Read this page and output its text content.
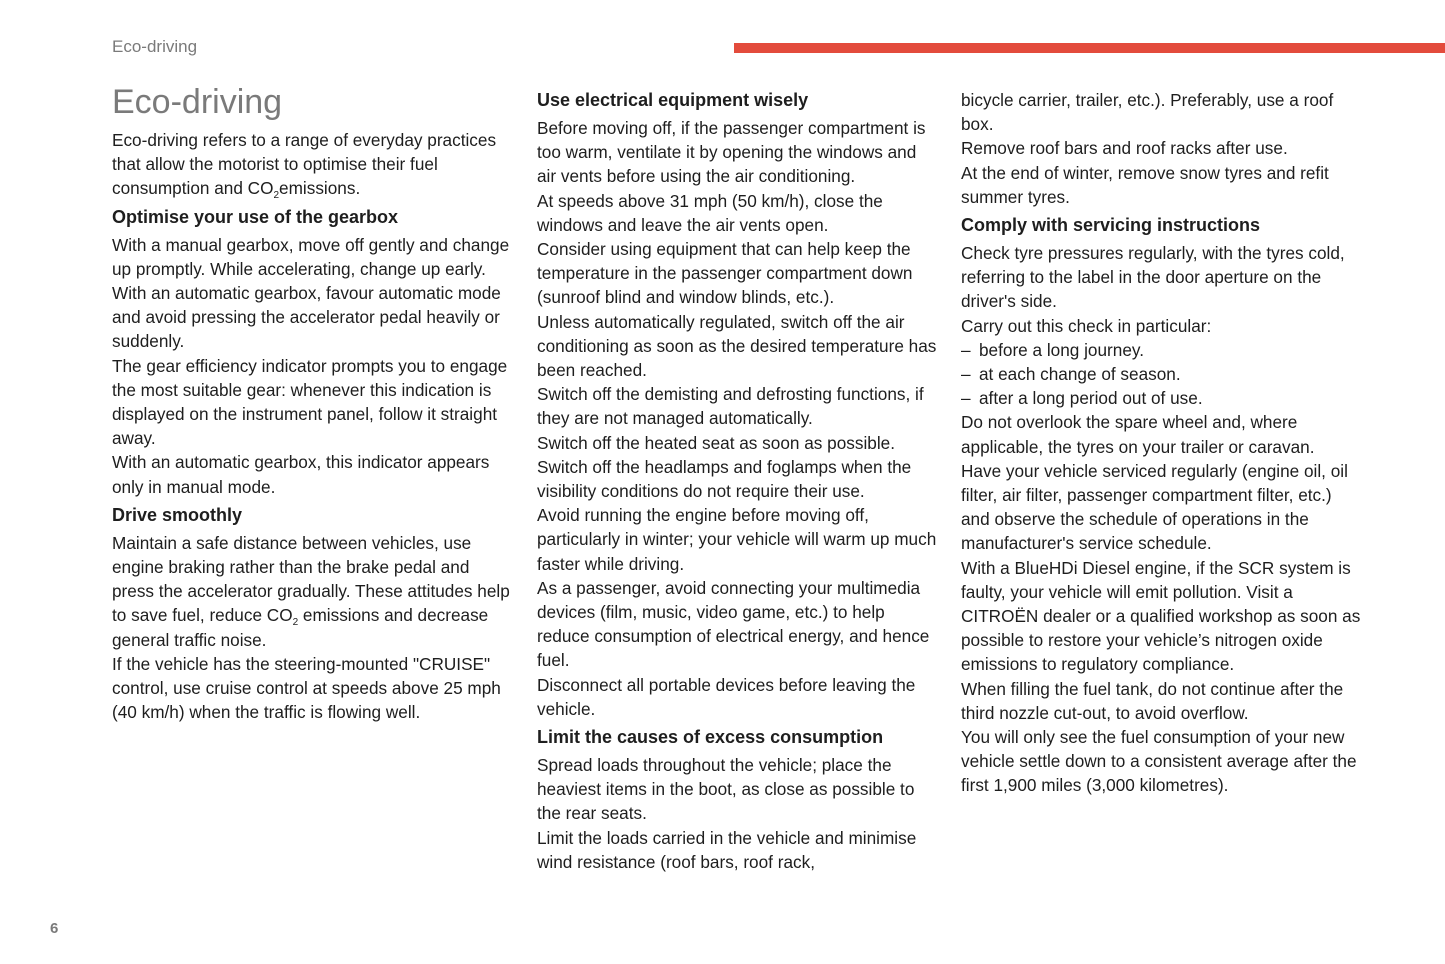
Eco-driving
Eco-driving

Eco-driving refers to a range of everyday practices that allow the motorist to optimise their fuel consumption and $CO_2emissions$.

Optimise your use of the gearbox

With a manual gearbox, move off gently and change up promptly. While accelerating, change up early.

With an automatic gearbox, favour automatic mode and avoid pressing the accelerator pedal heavily or suddenly.

The gear efficiency indicator prompts you to engage the most suitable gear: whenever this indication is displayed on the instrument panel, follow it straight away.

With an automatic gearbox, this indicator appears only in manual mode.

Drive smoothly

Maintain a safe distance between vehicles, use engine braking rather than the brake pedal and press the accelerator gradually. These attitudes help to save fuel, reduce $CO_2$ emissions and decrease general traffic noise.

If the vehicle has the steering-mounted "CRUISE" control, use cruise control at speeds above 25 mph (40 km/h) when the traffic is flowing well.

Use electrical equipment wisely

Before moving off, if the passenger compartment is too warm, ventilate it by opening the windows and air vents before using the air conditioning.

At speeds above 31 mph (50 km/h), close the windows and leave the air vents open.

Consider using equipment that can help keep the temperature in the passenger compartment down (sunroof blind and window blinds, etc.).

Unless automatically regulated, switch off the air conditioning as soon as the desired temperature has been reached.

Switch off the demisting and defrosting functions, if they are not managed automatically.

Switch off the heated seat as soon as possible.

Switch off the headlamps and foglamps when the visibility conditions do not require their use.

Avoid running the engine before moving off, particularly in winter; your vehicle will warm up much faster while driving.

As a passenger, avoid connecting your multimedia devices (film, music, video game, etc.) to help reduce consumption of electrical energy, and hence fuel.

Disconnect all portable devices before leaving the vehicle.

Limit the causes of excess consumption

Spread loads throughout the vehicle; place the heaviest items in the boot, as close as possible to the rear seats.

Limit the loads carried in the vehicle and minimise wind resistance (roof bars, roof rack,

bicycle carrier, trailer, etc.). Preferably, use a roof box.

Remove roof bars and roof racks after use.

At the end of winter, remove snow tyres and refit summer tyres.

Comply with servicing instructions

Check tyre pressures regularly, with the tyres cold, referring to the label in the door aperture on the driver's side.

Carry out this check in particular:

– before a long journey.
– at each change of season.
– after a long period out of use.

Do not overlook the spare wheel and, where applicable, the tyres on your trailer or caravan.

Have your vehicle serviced regularly (engine oil, oil filter, air filter, passenger compartment filter, etc.) and observe the schedule of operations in the manufacturer's service schedule.

With a BlueHDi Diesel engine, if the SCR system is faulty, your vehicle will emit pollution. Visit a CITROËN dealer or a qualified workshop as soon as possible to restore your vehicle’s nitrogen oxide emissions to regulatory compliance.

When filling the fuel tank, do not continue after the third nozzle cut-out, to avoid overflow.

You will only see the fuel consumption of your new vehicle settle down to a consistent average after the first 1,900 miles (3,000 kilometres).

6
